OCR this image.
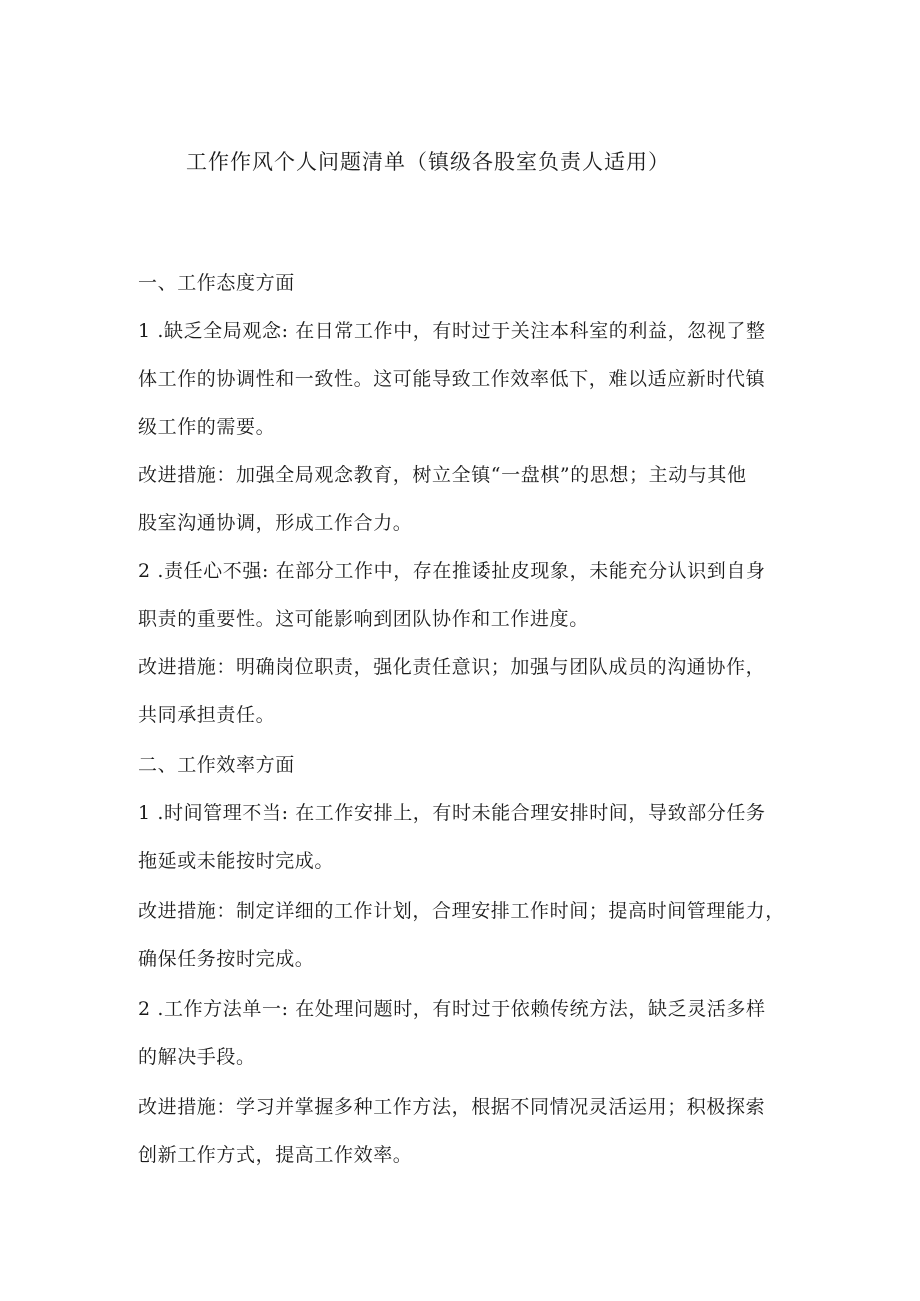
工作作风个人问题清单（镇级各股室负责人适用）
一、工作态度方面
1 .缺乏全局观念: 在日常工作中，有时过于关注本科室的利益，忽视了整
体工作的协调性和一致性。这可能导致工作效率低下，难以适应新时代镇
级工作的需要。
改进措施：加强全局观念教育，树立全镇“一盘棋”的思想；主动与其他
股室沟通协调，形成工作合力。
2 .责任心不强: 在部分工作中，存在推诿扯皮现象，未能充分认识到自身
职责的重要性。这可能影响到团队协作和工作进度。
改进措施：明确岗位职责，强化责任意识；加强与团队成员的沟通协作，
共同承担责任。
二、工作效率方面
1 .时间管理不当: 在工作安排上，有时未能合理安排时间，导致部分任务
拖延或未能按时完成。
改进措施：制定详细的工作计划，合理安排工作时间；提高时间管理能力，
确保任务按时完成。
2 .工作方法单一: 在处理问题时，有时过于依赖传统方法，缺乏灵活多样
的解决手段。
改进措施：学习并掌握多种工作方法，根据不同情况灵活运用；积极探索
创新工作方式，提高工作效率。
